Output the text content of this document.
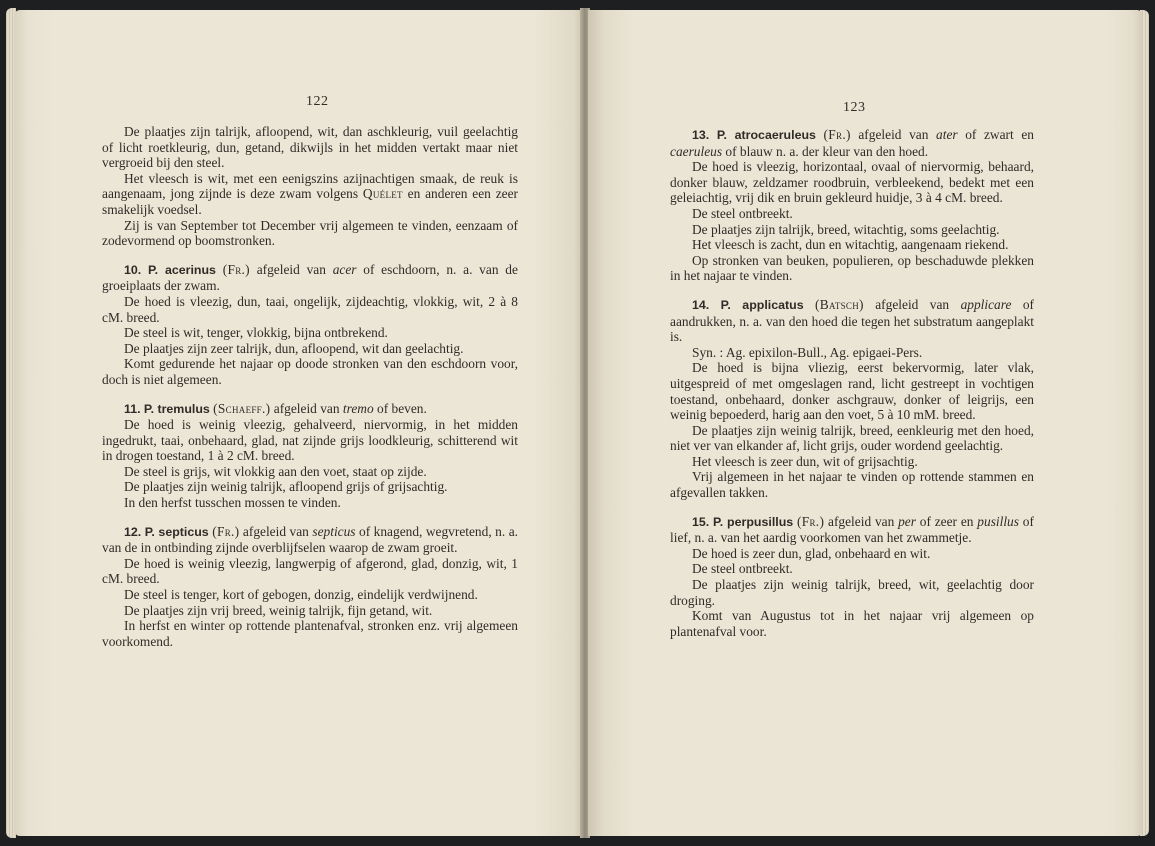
122

De plaatjes zijn talrijk, afloopend, wit, dan aschkleurig, vuil geelachtig of licht roetkleurig, dun, getand, dikwijls in het midden vertakt maar niet vergroeid bij den steel.

Het vleesch is wit, met een eenigszins azijnachtigen smaak, de reuk is aangenaam, jong zijnde is deze zwam volgens Quélet en anderen een zeer smakelijk voedsel.

Zij is van September tot December vrij algemeen te vinden, eenzaam of zodevormend op boomstronken.

10. P. acerinus (Fr.) afgeleid van acer of eschdoorn, n. a. van de groeiplaats der zwam.

De hoed is vleezig, dun, taai, ongelijk, zijdeachtig, vlokkig, wit, 2 à 8 cM. breed.

De steel is wit, tenger, vlokkig, bijna ontbrekend.

De plaatjes zijn zeer talrijk, dun, afloopend, wit dan geelachtig.

Komt gedurende het najaar op doode stronken van den eschdoorn voor, doch is niet algemeen.

11. P. tremulus (Schaeff.) afgeleid van tremo of beven.

De hoed is weinig vleezig, gehalveerd, niervormig, in het midden ingedrukt, taai, onbehaard, glad, nat zijnde grijs loodkleurig, schitterend wit in drogen toestand, 1 à 2 cM. breed.

De steel is grijs, wit vlokkig aan den voet, staat op zijde.

De plaatjes zijn weinig talrijk, afloopend grijs of grijsachtig.

In den herfst tusschen mossen te vinden.

12. P. septicus (Fr.) afgeleid van septicus of knagend, wegvretend, n. a. van de in ontbinding zijnde overblijfselen waarop de zwam groeit.

De hoed is weinig vleezig, langwerpig of afgerond, glad, donzig, wit, 1 cM. breed.

De steel is tenger, kort of gebogen, donzig, eindelijk verdwijnend.

De plaatjes zijn vrij breed, weinig talrijk, fijn getand, wit.

In herfst en winter op rottende plantenafval, stronken enz. vrij algemeen voorkomend.

123

13. P. atrocaeruleus (Fr.) afgeleid van ater of zwart en caeruleus of blauw n. a. der kleur van den hoed.

De hoed is vleezig, horizontaal, ovaal of niervormig, behaard, donker blauw, zeldzamer roodbruin, verbleekend, bedekt met een geleiachtig, vrij dik en bruin gekleurd huidje, 3 à 4 cM. breed.

De steel ontbreekt.

De plaatjes zijn talrijk, breed, witachtig, soms geelachtig.

Het vleesch is zacht, dun en witachtig, aangenaam riekend.

Op stronken van beuken, populieren, op beschaduwde plekken in het najaar te vinden.

14. P. applicatus (Batsch) afgeleid van applicare of aandrukken, n. a. van den hoed die tegen het substratum aangeplakt is.

Syn. : Ag. epixilon-Bull., Ag. epigaei-Pers.

De hoed is bijna vliezig, eerst bekervormig, later vlak, uitgespreid of met omgeslagen rand, licht gestreept in vochtigen toestand, onbehaard, donker aschgrauw, donker of leigrijs, een weinig bepoederd, harig aan den voet, 5 à 10 mM. breed.

De plaatjes zijn weinig talrijk, breed, eenkleurig met den hoed, niet ver van elkander af, licht grijs, ouder wordend geelachtig.

Het vleesch is zeer dun, wit of grijsachtig.

Vrij algemeen in het najaar te vinden op rottende stammen en afgevallen takken.

15. P. perpusillus (Fr.) afgeleid van per of zeer en pusillus of lief, n. a. van het aardig voorkomen van het zwammetje.

De hoed is zeer dun, glad, onbehaard en wit.

De steel ontbreekt.

De plaatjes zijn weinig talrijk, breed, wit, geelachtig door droging.

Komt van Augustus tot in het najaar vrij algemeen op plantenafval voor.
